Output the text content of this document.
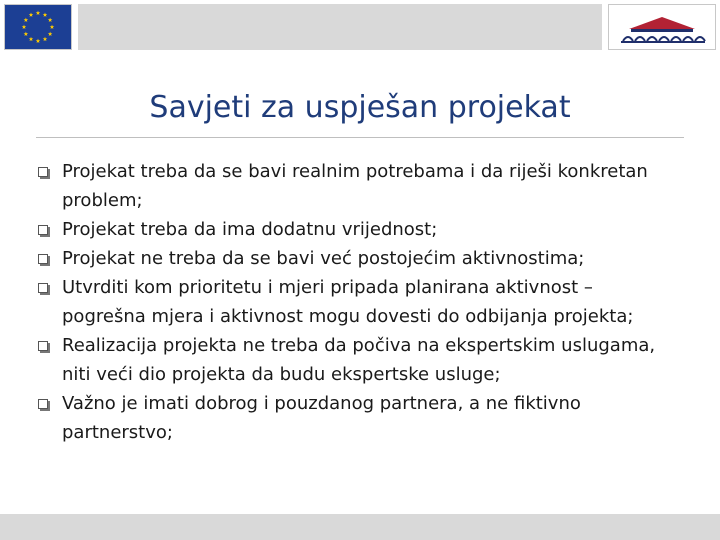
Savjeti za uspješan projekat
Projekat treba da se bavi realnim potrebama i da riješi konkretan problem;
Projekat treba da ima dodatnu vrijednost;
Projekat ne treba da se bavi već postojećim aktivnostima;
Utvrditi kom prioritetu i mjeri pripada planirana aktivnost – pogrešna mjera i aktivnost mogu dovesti do odbijanja projekta;
Realizacija projekta ne treba da počiva na ekspertskim uslugama, niti veći dio projekta da budu ekspertske usluge;
Važno je imati dobrog i pouzdanog partnera, a ne fiktivno partnerstvo;
